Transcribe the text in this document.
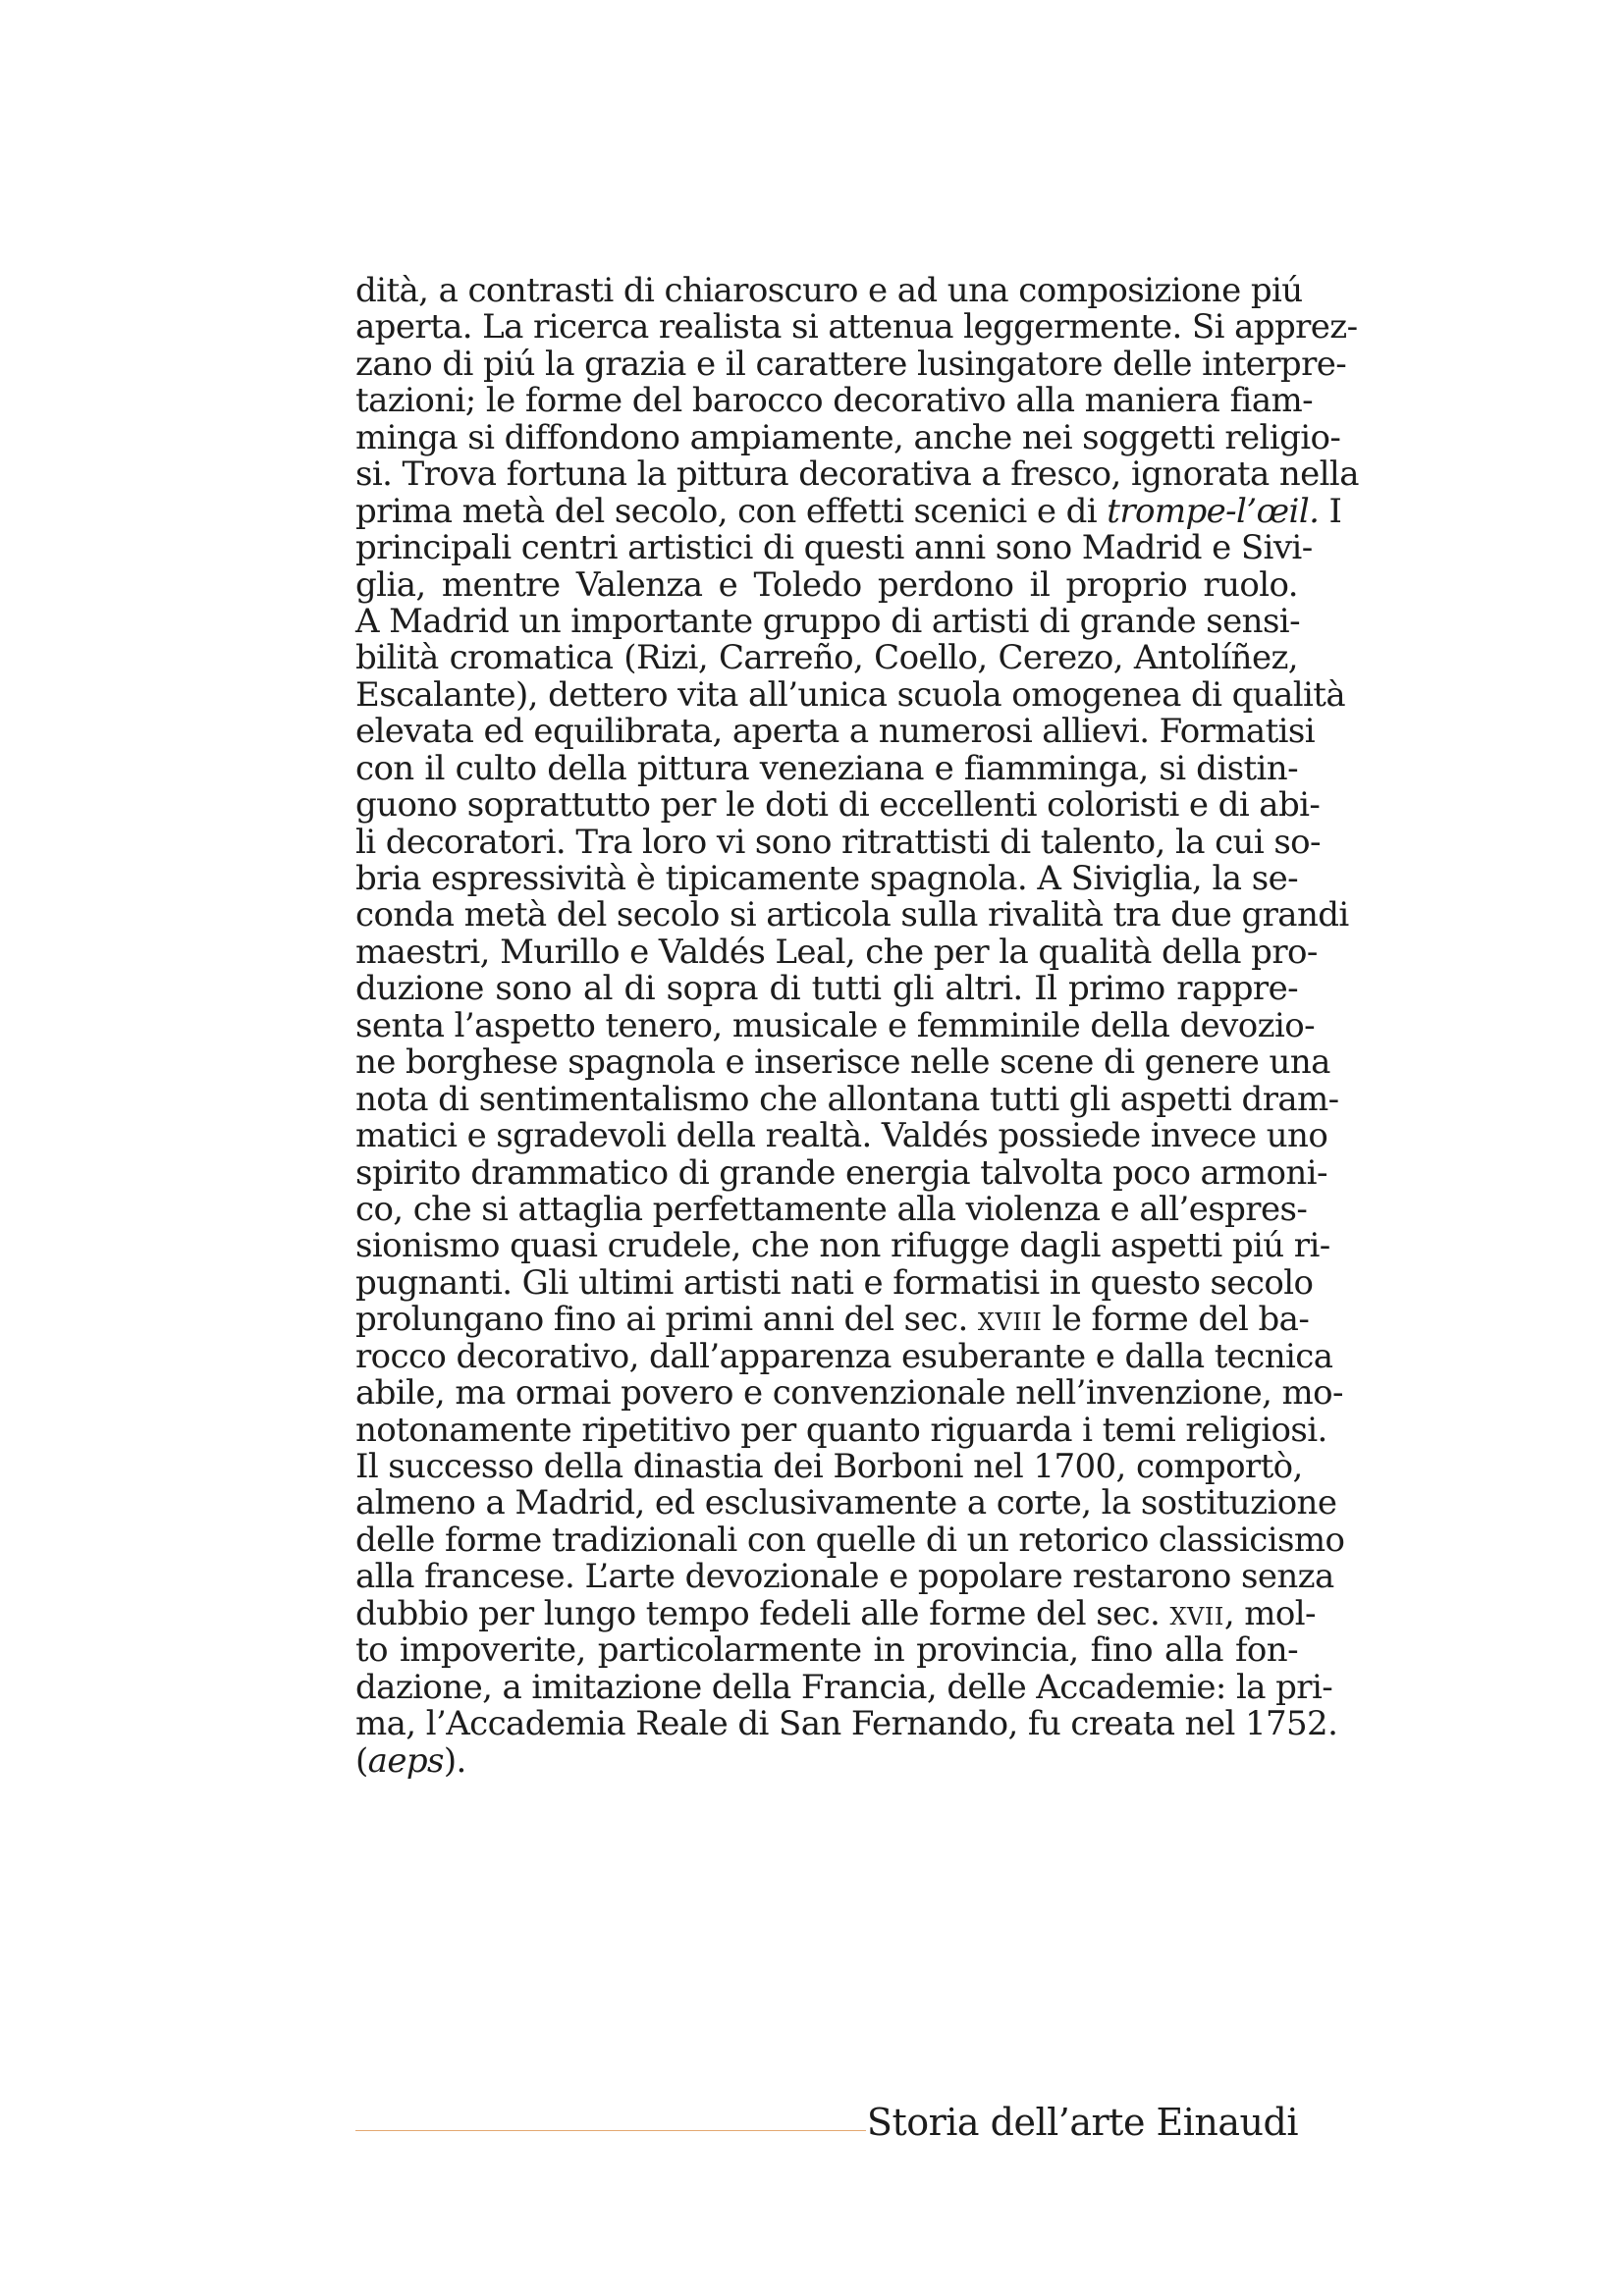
dità, a contrasti di chiaroscuro e ad una composizione piú
aperta. La ricerca realista si attenua leggermente. Si apprez-
zano di piú la grazia e il carattere lusingatore delle interpre-
tazioni; le forme del barocco decorativo alla maniera fiam-
minga si diffondono ampiamente, anche nei soggetti religio-
si. Trova fortuna la pittura decorativa a fresco, ignorata nella
prima metà del secolo, con effetti scenici e di trompe-l’œil. I
principali centri artistici di questi anni sono Madrid e Sivi-
glia, mentre Valenza e Toledo perdono il proprio ruolo.
A Madrid un importante gruppo di artisti di grande sensi-
bilità cromatica (Rizi, Carreño, Coello, Cerezo, Antolíñez,
Escalante), dettero vita all’unica scuola omogenea di qualità
elevata ed equilibrata, aperta a numerosi allievi. Formatisi
con il culto della pittura veneziana e fiamminga, si distin-
guono soprattutto per le doti di eccellenti coloristi e di abi-
li decoratori. Tra loro vi sono ritrattisti di talento, la cui so-
bria espressività è tipicamente spagnola. A Siviglia, la se-
conda metà del secolo si articola sulla rivalità tra due grandi
maestri, Murillo e Valdés Leal, che per la qualità della pro-
duzione sono al di sopra di tutti gli altri. Il primo rappre-
senta l’aspetto tenero, musicale e femminile della devozio-
ne borghese spagnola e inserisce nelle scene di genere una
nota di sentimentalismo che allontana tutti gli aspetti dram-
matici e sgradevoli della realtà. Valdés possiede invece uno
spirito drammatico di grande energia talvolta poco armoni-
co, che si attaglia perfettamente alla violenza e all’espres-
sionismo quasi crudele, che non rifugge dagli aspetti piú ri-
pugnanti. Gli ultimi artisti nati e formatisi in questo secolo
prolungano fino ai primi anni del sec. xviii le forme del ba-
rocco decorativo, dall’apparenza esuberante e dalla tecnica
abile, ma ormai povero e convenzionale nell’invenzione, mo-
notonamente ripetitivo per quanto riguarda i temi religiosi.
Il successo della dinastia dei Borboni nel 1700, comportò,
almeno a Madrid, ed esclusivamente a corte, la sostituzione
delle forme tradizionali con quelle di un retorico classicismo
alla francese. L’arte devozionale e popolare restarono senza
dubbio per lungo tempo fedeli alle forme del sec. xvii, mol-
to impoverite, particolarmente in provincia, fino alla fon-
dazione, a imitazione della Francia, delle Accademie: la pri-
ma, l’Accademia Reale di San Fernando, fu creata nel 1752.
(aeps).
Storia dell’arte Einaudi
